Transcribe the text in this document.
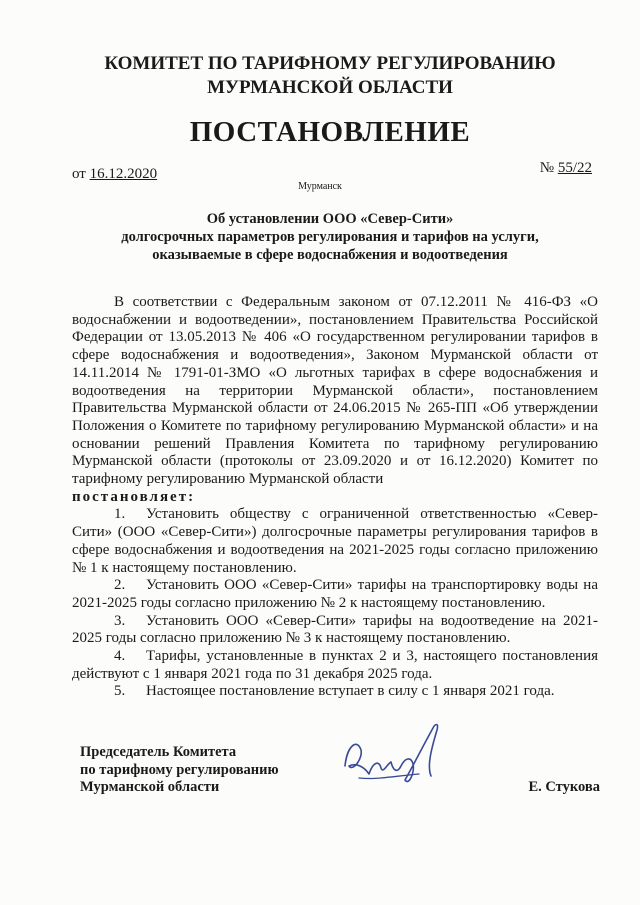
КОМИТЕТ ПО ТАРИФНОМУ РЕГУЛИРОВАНИЮ
МУРМАНСКОЙ ОБЛАСТИ
ПОСТАНОВЛЕНИЕ
от 16.12.2020	№ 55/22
Мурманск
Об установлении ООО «Север-Сити»
долгосрочных параметров регулирования и тарифов на услуги,
оказываемые в сфере водоснабжения и водоотведения

В соответствии с Федеральным законом от 07.12.2011 № 416-ФЗ «О водоснабжении и водоотведении», постановлением Правительства Российской Федерации от 13.05.2013 № 406 «О государственном регулировании тарифов в сфере водоснабжения и водоотведения», Законом Мурманской области от 14.11.2014 № 1791-01-ЗМО «О льготных тарифах в сфере водоснабжения и водоотведения на территории Мурманской области», постановлением Правительства Мурманской области от 24.06.2015 № 265-ПП «Об утверждении Положения о Комитете по тарифному регулированию Мурманской области» и на основании решений Правления Комитета по тарифному регулированию Мурманской области (протоколы от 23.09.2020 и от 16.12.2020) Комитет по тарифному регулированию Мурманской области

постановляет:

1. Установить обществу с ограниченной ответственностью «Север-Сити» (ООО «Север-Сити») долгосрочные параметры регулирования тарифов в сфере водоснабжения и водоотведения на 2021-2025 годы согласно приложению № 1 к настоящему постановлению.

2. Установить ООО «Север-Сити» тарифы на транспортировку воды на 2021-2025 годы согласно приложению № 2 к настоящему постановлению.

3. Установить ООО «Север-Сити» тарифы на водоотведение на 2021-2025 годы согласно приложению № 3 к настоящему постановлению.

4. Тарифы, установленные в пунктах 2 и 3, настоящего постановления действуют с 1 января 2021 года по 31 декабря 2025 года.

5. Настоящее постановление вступает в силу с 1 января 2021 года.

Председатель Комитета

по тарифному регулированию

Мурманской области	Е. Стукова
